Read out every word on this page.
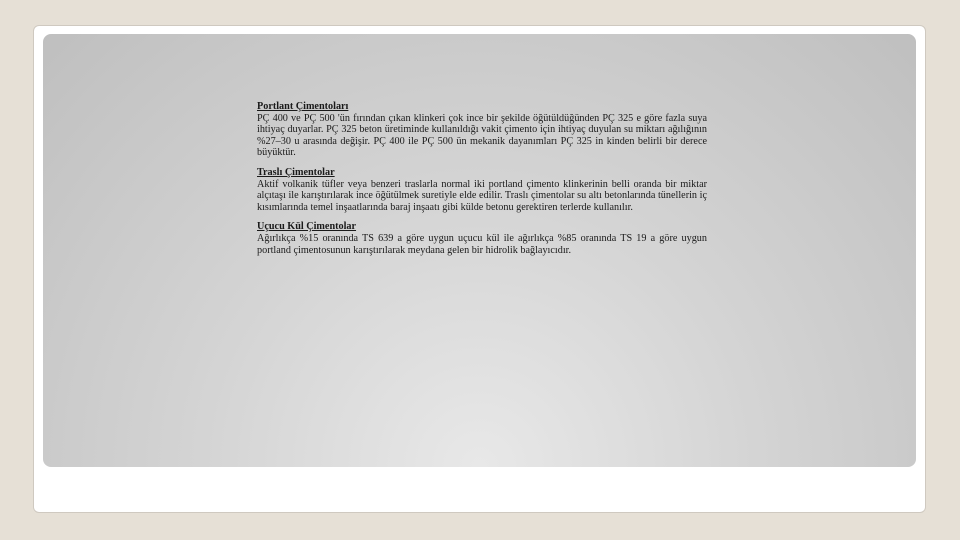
Portlant Çimentoları

PÇ 400 ve PÇ 500 'ün fırından çıkan klinkeri çok ince bir şekilde öğütüldüğünden PÇ 325 e göre fazla suya ihtiyaç duyarlar. PÇ 325 beton üretiminde kullanıldığı vakit çimento için ihtiyaç duyulan su miktarı ağılığının %27–30 u arasında değişir. PÇ 400 ile PÇ 500 ün mekanik dayanımları PÇ 325 in kinden belirli bir derece büyüktür.

Traslı Çimentolar

Aktif volkanik tüfler veya benzeri traslarla normal iki portland çimento klinkerinin belli oranda bir miktar alçıtaşı ile karıştırılarak ince öğütülmek suretiyle elde edilir. Traslı çimentolar su altı betonlarında tünellerin iç kısımlarında temel inşaatlarında baraj inşaatı gibi külde betonu gerektiren terlerde kullanılır.

Uçucu Kül Çimentolar

Ağırlıkça %15 oranında TS 639 a göre uygun uçucu kül ile ağırlıkça %85 oranında TS 19 a göre uygun portland çimentosunun karıştırılarak meydana gelen bir hidrolik bağlayıcıdır.
